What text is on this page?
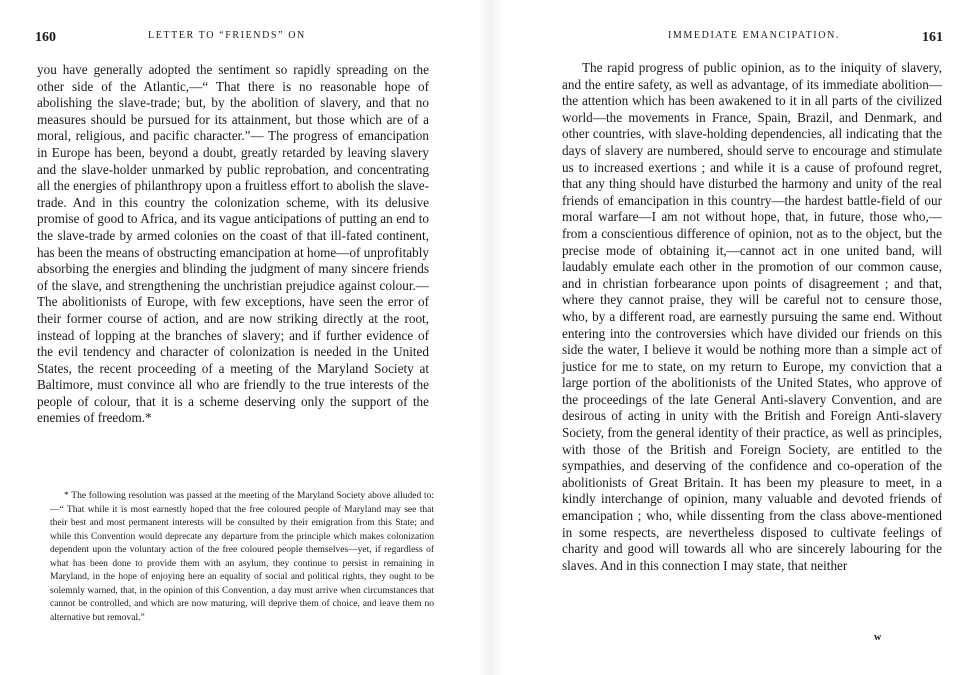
160	LETTER TO “FRIENDS” ON

you have generally adopted the sentiment so rapidly spreading on the other side of the Atlantic,—“ That there is no reasonable hope of abolishing the slave-trade; but, by the abolition of slavery, and that no measures should be pursued for its attainment, but those which are of a moral, religious, and pacific character.”— The progress of emancipation in Europe has been, beyond a doubt, greatly retarded by leaving slavery and the slave-holder unmarked by public reprobation, and concentrating all the energies of philanthropy upon a fruitless effort to abolish the slave-trade. And in this country the colonization scheme, with its delusive promise of good to Africa, and its vague anticipations of putting an end to the slave-trade by armed colonies on the coast of that ill-fated continent, has been the means of obstructing emancipation at home—of unprofitably absorbing the energies and blinding the judgment of many sincere friends of the slave, and strengthening the unchristian prejudice against colour.— The abolitionists of Europe, with few exceptions, have seen the error of their former course of action, and are now striking directly at the root, instead of lopping at the branches of slavery; and if further evidence of the evil tendency and character of colonization is needed in the United States, the recent proceeding of a meeting of the Maryland Society at Baltimore, must convince all who are friendly to the true interests of the people of colour, that it is a scheme deserving only the support of the enemies of freedom.*

* The following resolution was passed at the meeting of the Maryland Society above alluded to:—“ That while it is most earnestly hoped that the free coloured people of Maryland may see that their best and most permanent interests will be consulted by their emigration from this State; and while this Convention would deprecate any departure from the principle which makes colonization dependent upon the voluntary action of the free coloured people themselves—yet, if regardless of what has been done to provide them with an asylum, they continue to persist in remaining in Maryland, in the hope of enjoying here an equality of social and political rights, they ought to be solemnly warned, that, in the opinion of this Convention, a day must arrive when circumstances that cannot be controlled, and which are now maturing, will deprive them of choice, and leave them no alternative but removal.”

IMMEDIATE EMANCIPATION.	161

The rapid progress of public opinion, as to the iniquity of slavery, and the entire safety, as well as advantage, of its immediate abolition—the attention which has been awakened to it in all parts of the civilized world—the movements in France, Spain, Brazil, and Denmark, and other countries, with slave-holding dependencies, all indicating that the days of slavery are numbered, should serve to encourage and stimulate us to increased exertions ; and while it is a cause of profound regret, that any thing should have disturbed the harmony and unity of the real friends of emancipation in this country—the hardest battle-field of our moral warfare—I am not without hope, that, in future, those who,—from a conscientious difference of opinion, not as to the object, but the precise mode of obtaining it,—cannot act in one united band, will laudably emulate each other in the promotion of our common cause, and in christian forbearance upon points of disagreement ; and that, where they cannot praise, they will be careful not to censure those, who, by a different road, are earnestly pursuing the same end. Without entering into the controversies which have divided our friends on this side the water, I believe it would be nothing more than a simple act of justice for me to state, on my return to Europe, my conviction that a large portion of the abolitionists of the United States, who approve of the proceedings of the late General Anti-slavery Convention, and are desirous of acting in unity with the British and Foreign Anti-slavery Society, from the general identity of their practice, as well as principles, with those of the British and Foreign Society, are entitled to the sympathies, and deserving of the confidence and co-operation of the abolitionists of Great Britain. It has been my pleasure to meet, in a kindly interchange of opinion, many valuable and devoted friends of emancipation ; who, while dissenting from the class above-mentioned in some respects, are nevertheless disposed to cultivate feelings of charity and good will towards all who are sincerely labouring for the slaves. And in this connection I may state, that neither

w
